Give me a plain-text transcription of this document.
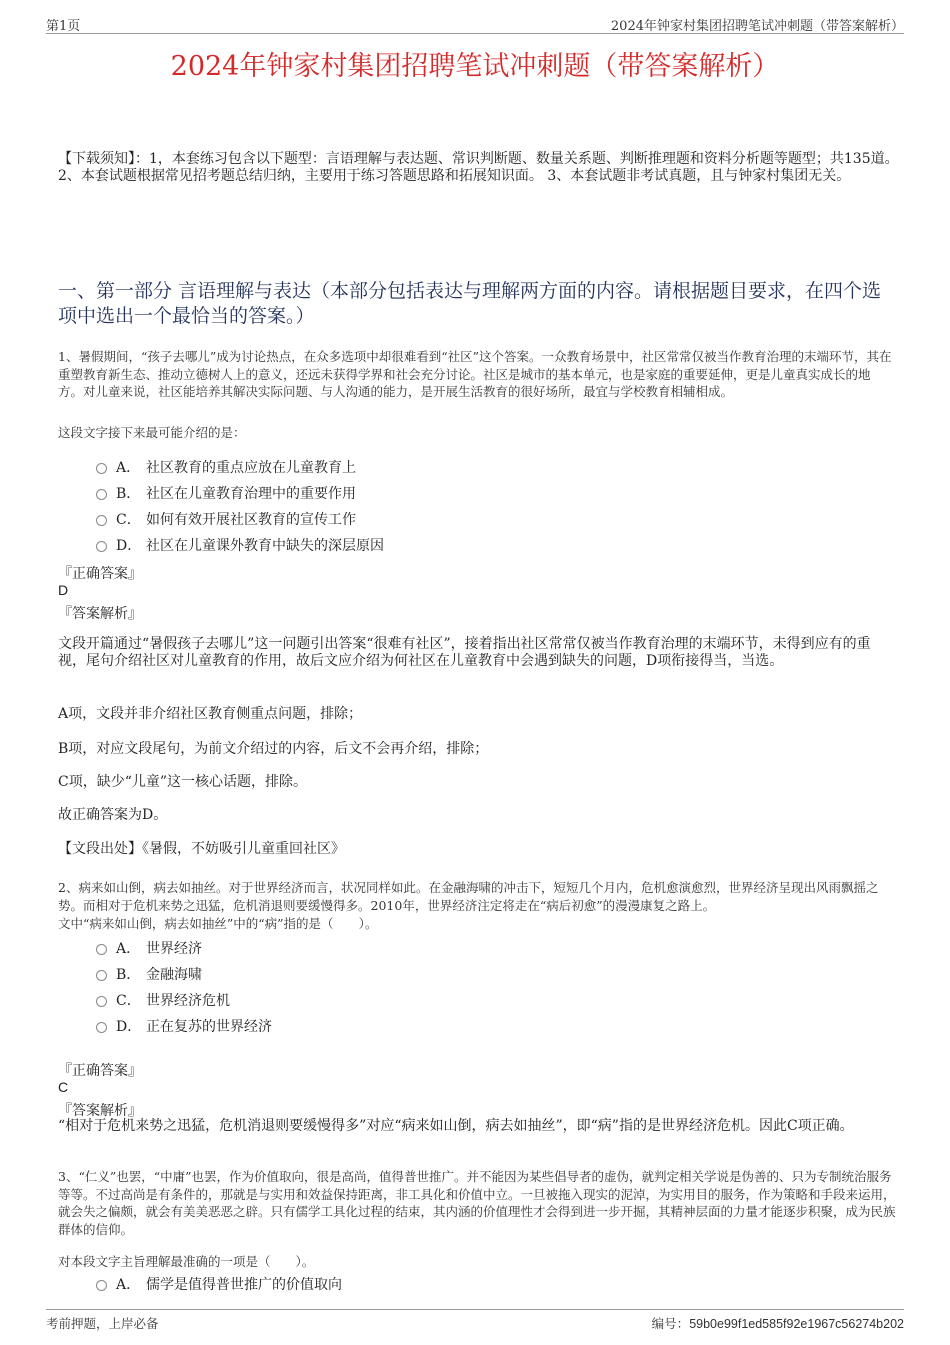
第1页	2024年钟家村集团招聘笔试冲刺题（带答案解析）
2024年钟家村集团招聘笔试冲刺题（带答案解析）
【下载须知】：1，本套练习包含以下题型：言语理解与表达题、常识判断题、数量关系题、判断推理题和资料分析题等题型；共135道。 2、本套试题根据常见招考题总结归纳，主要用于练习答题思路和拓展知识面。 3、本套试题非考试真题，且与钟家村集团无关。
一、第一部分 言语理解与表达（本部分包括表达与理解两方面的内容。请根据题目要求，在四个选项中选出一个最恰当的答案。）
1、暑假期间，“孩子去哪儿”成为讨论热点，在众多选项中却很难看到“社区”这个答案。一众教育场景中，社区常常仅被当作教育治理的末端环节，其在重塑教育新生态、推动立德树人上的意义，还远未获得学界和社会充分讨论。社区是城市的基本单元，也是家庭的重要延伸，更是儿童真实成长的地方。对儿童来说，社区能培养其解决实际问题、与人沟通的能力，是开展生活教育的很好场所，最宜与学校教育相辅相成。
这段文字接下来最可能介绍的是：
A． 社区教育的重点应放在儿童教育上
B． 社区在儿童教育治理中的重要作用
C． 如何有效开展社区教育的宣传工作
D． 社区在儿童课外教育中缺失的深层原因
『正确答案』
D
『答案解析』
文段开篇通过“暑假孩子去哪儿”这一问题引出答案“很难有社区”，接着指出社区常常仅被当作教育治理的末端环节，未得到应有的重视，尾句介绍社区对儿童教育的作用，故后文应介绍为何社区在儿童教育中会遇到缺失的问题，D项衔接得当，当选。
A项，文段并非介绍社区教育侧重点问题，排除；
B项，对应文段尾句，为前文介绍过的内容，后文不会再介绍，排除；
C项，缺少“儿童”这一核心话题，排除。
故正确答案为D。
【文段出处】《暑假，不妨吸引儿童重回社区》
2、病来如山倒，病去如抽丝。对于世界经济而言，状况同样如此。在金融海啸的冲击下，短短几个月内，危机愈演愈烈，世界经济呈现出风雨飘摇之势。而相对于危机来势之迅猛，危机消退则要缓慢得多。2010年，世界经济注定将走在“病后初愈”的漫漫康复之路上。
文中“病来如山倒，病去如抽丝”中的“病”指的是（　　）。
A． 世界经济
B． 金融海啸
C． 世界经济危机
D． 正在复苏的世界经济
『正确答案』
C
『答案解析』
“相对于危机来势之迅猛，危机消退则要缓慢得多”对应“病来如山倒，病去如抽丝”，即“病”指的是世界经济危机。因此C项正确。
3、“仁义”也罢，“中庸”也罢，作为价值取向，很是高尚，值得普世推广。并不能因为某些倡导者的虚伪，就判定相关学说是伪善的、只为专制统治服务等等。不过高尚是有条件的，那就是与实用和效益保持距离，非工具化和价值中立。一旦被拖入现实的泥淖，为实用目的服务，作为策略和手段来运用，就会失之偏颇，就会有美美恶恶之辟。只有儒学工具化过程的结束，其内涵的价值理性才会得到进一步开掘，其精神层面的力量才能逐步积聚，成为民族群体的信仰。
对本段文字主旨理解最准确的一项是（　　）。
A． 儒学是值得普世推广的价值取向
考前押题，上岸必备	编号：59b0e99f1ed585f92e1967c56274b202
